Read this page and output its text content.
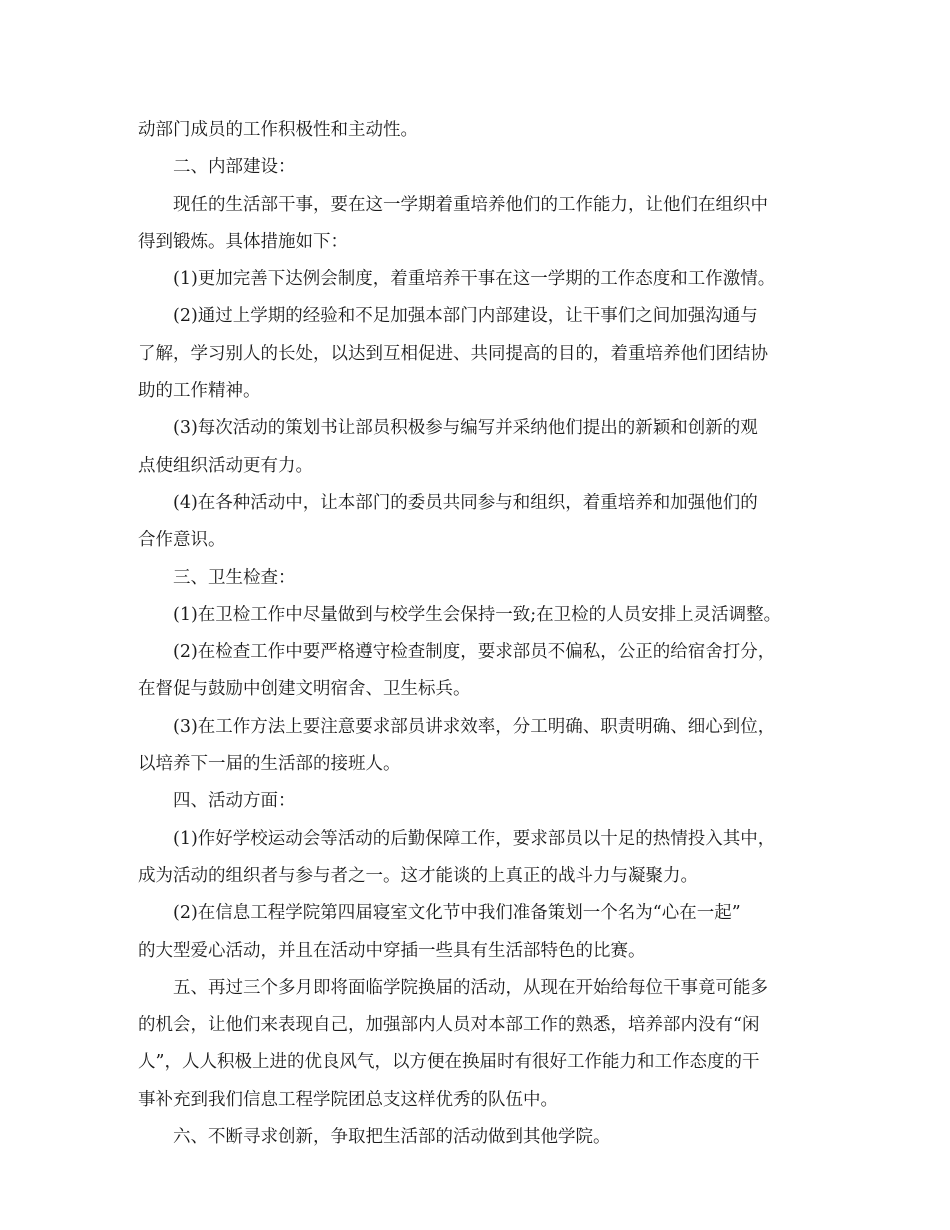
动部门成员的工作积极性和主动性。
二、内部建设：
现任的生活部干事，要在这一学期着重培养他们的工作能力，让他们在组织中
得到锻炼。具体措施如下：
(1)更加完善下达例会制度，着重培养干事在这一学期的工作态度和工作激情。
(2)通过上学期的经验和不足加强本部门内部建设，让干事们之间加强沟通与
了解，学习别人的长处，以达到互相促进、共同提高的目的，着重培养他们团结协
助的工作精神。
(3)每次活动的策划书让部员积极参与编写并采纳他们提出的新颖和创新的观
点使组织活动更有力。
(4)在各种活动中，让本部门的委员共同参与和组织，着重培养和加强他们的
合作意识。
三、卫生检查：
(1)在卫检工作中尽量做到与校学生会保持一致;在卫检的人员安排上灵活调整。
(2)在检查工作中要严格遵守检查制度，要求部员不偏私，公正的给宿舍打分，
在督促与鼓励中创建文明宿舍、卫生标兵。
(3)在工作方法上要注意要求部员讲求效率，分工明确、职责明确、细心到位，
以培养下一届的生活部的接班人。
四、活动方面：
(1)作好学校运动会等活动的后勤保障工作，要求部员以十足的热情投入其中，
成为活动的组织者与参与者之一。这才能谈的上真正的战斗力与凝聚力。
(2)在信息工程学院第四届寝室文化节中我们准备策划一个名为“心在一起”
的大型爱心活动，并且在活动中穿插一些具有生活部特色的比赛。
五、再过三个多月即将面临学院换届的活动，从现在开始给每位干事竟可能多
的机会，让他们来表现自己，加强部内人员对本部工作的熟悉，培养部内没有“闲
人”，人人积极上进的优良风气，以方便在换届时有很好工作能力和工作态度的干
事补充到我们信息工程学院团总支这样优秀的队伍中。
六、不断寻求创新，争取把生活部的活动做到其他学院。
